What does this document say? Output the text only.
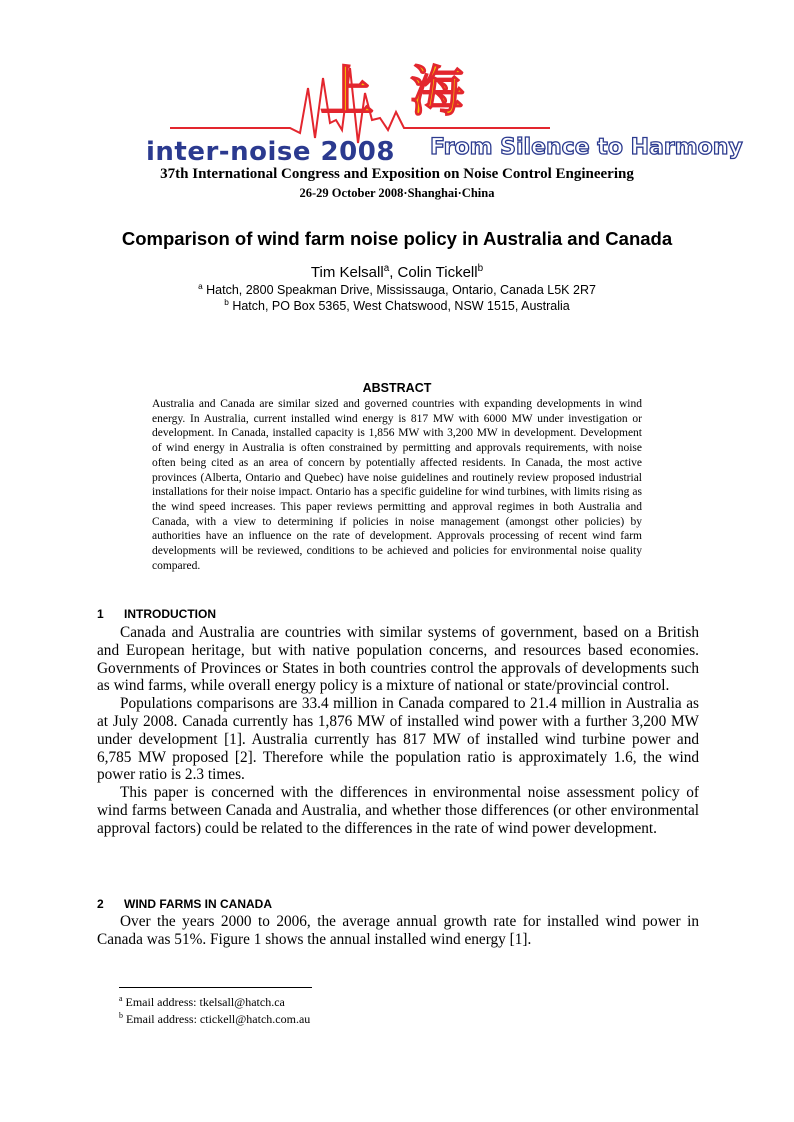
上海
inter-noise 2008 From Silence to Harmony
37th International Congress and Exposition on Noise Control Engineering
26-29 October 2008·Shanghai·China
Comparison of wind farm noise policy in Australia and Canada
Tim Kelsall$^a$, Colin Tickell$^b$
$^a$ Hatch, 2800 Speakman Drive, Mississauga, Ontario, Canada L5K 2R7
$^b$ Hatch, PO Box 5365, West Chatswood, NSW 1515, Australia
ABSTRACT
Australia and Canada are similar sized and governed countries with expanding developments in wind energy. In Australia, current installed wind energy is 817 MW with 6000 MW under investigation or development. In Canada, installed capacity is 1,856 MW with 3,200 MW in development. Development of wind energy in Australia is often constrained by permitting and approvals requirements, with noise often being cited as an area of concern by potentially affected residents. In Canada, the most active provinces (Alberta, Ontario and Quebec) have noise guidelines and routinely review proposed industrial installations for their noise impact. Ontario has a specific guideline for wind turbines, with limits rising as the wind speed increases. This paper reviews permitting and approval regimes in both Australia and Canada, with a view to determining if policies in noise management (amongst other policies) by authorities have an influence on the rate of development. Approvals processing of recent wind farm developments will be reviewed, conditions to be achieved and policies for environmental noise quality compared.
1 INTRODUCTION

Canada and Australia are countries with similar systems of government, based on a British and European heritage, but with native population concerns, and resources based economies. Governments of Provinces or States in both countries control the approvals of developments such as wind farms, while overall energy policy is a mixture of national or state/provincial control.

Populations comparisons are 33.4 million in Canada compared to 21.4 million in Australia as at July 2008. Canada currently has 1,876 MW of installed wind power with a further 3,200 MW under development [1]. Australia currently has 817 MW of installed wind turbine power and 6,785 MW proposed [2]. Therefore while the population ratio is approximately 1.6, the wind power ratio is 2.3 times.

This paper is concerned with the differences in environmental noise assessment policy of wind farms between Canada and Australia, and whether those differences (or other environmental approval factors) could be related to the differences in the rate of wind power development.

2 WIND FARMS IN CANADA

Over the years 2000 to 2006, the average annual growth rate for installed wind power in Canada was 51%. Figure 1 shows the annual installed wind energy [1].

$^a$ Email address: tkelsall@hatch.ca
$^b$ Email address: ctickell@hatch.com.au
